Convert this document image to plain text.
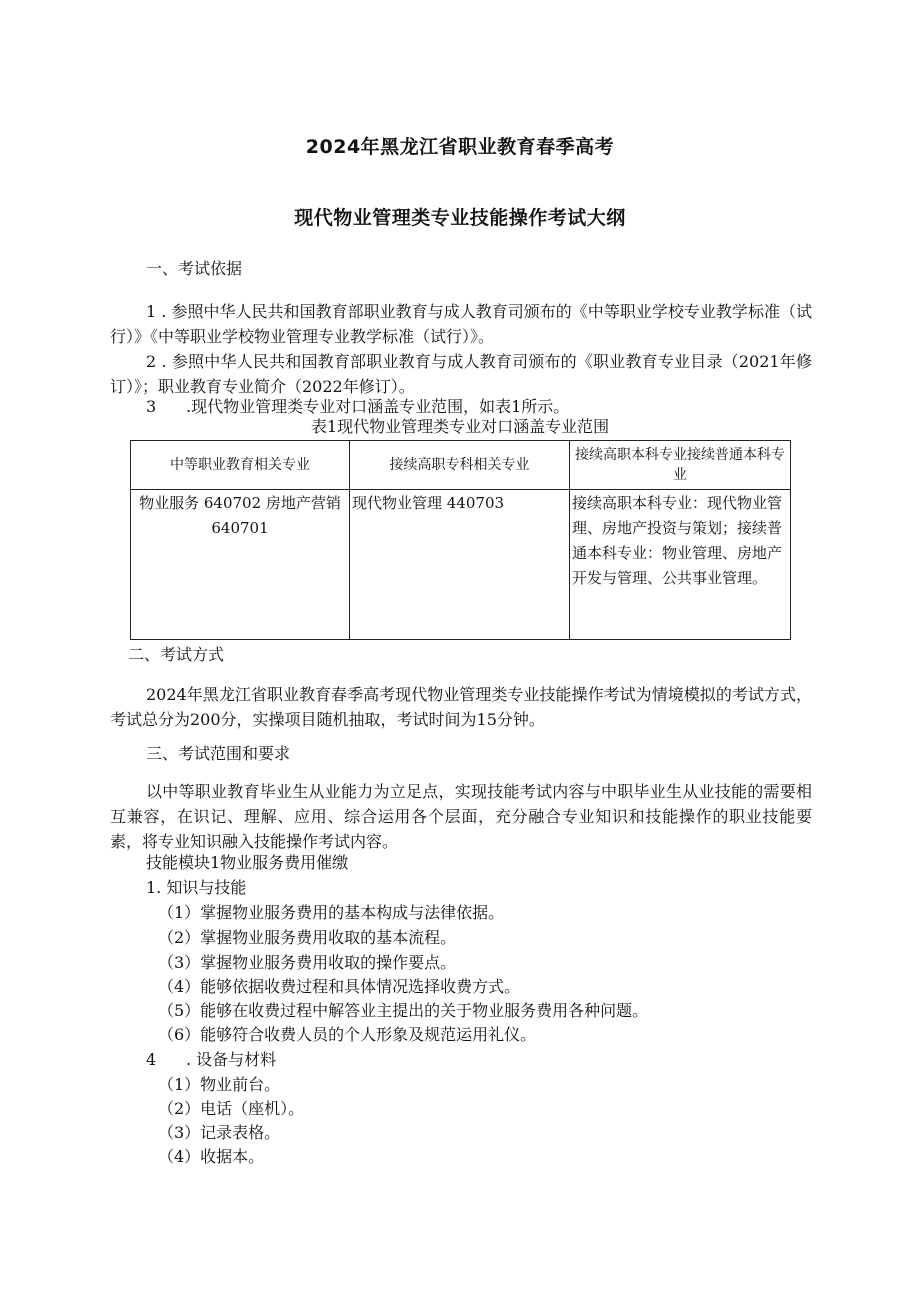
2024年黑龙江省职业教育春季高考
现代物业管理类专业技能操作考试大纲
一、考试依据
1 . 参照中华人民共和国教育部职业教育与成人教育司颁布的《中等职业学校专业教学标准（试行）》《中等职业学校物业管理专业教学标准（试行）》。
2 . 参照中华人民共和国教育部职业教育与成人教育司颁布的《职业教育专业目录（2021年修订）》；职业教育专业简介（2022年修订）。
3 .现代物业管理类专业对口涵盖专业范围，如表1所示。
表1现代物业管理类专业对口涵盖专业范围
中等职业教育相关专业	接续高职专科相关专业	接续高职本科专业接续普通本科专业
物业服务 640702 房地产营销 640701	现代物业管理 440703	接续高职本科专业：现代物业管理、房地产投资与策划；接续普通本科专业：物业管理、房地产开发与管理、公共事业管理。
二、考试方式
2024年黑龙江省职业教育春季高考现代物业管理类专业技能操作考试为情境模拟的考试方式，考试总分为200分，实操项目随机抽取，考试时间为15分钟。
三、考试范围和要求
以中等职业教育毕业生从业能力为立足点，实现技能考试内容与中职毕业生从业技能的需要相互兼容，在识记、理解、应用、综合运用各个层面，充分融合专业知识和技能操作的职业技能要素，将专业知识融入技能操作考试内容。
技能模块1物业服务费用催缴
1. 知识与技能
（1）掌握物业服务费用的基本构成与法律依据。
（2）掌握物业服务费用收取的基本流程。
（3）掌握物业服务费用收取的操作要点。
（4）能够依据收费过程和具体情况选择收费方式。
（5）能够在收费过程中解答业主提出的关于物业服务费用各种问题。
（6）能够符合收费人员的个人形象及规范运用礼仪。
4 . 设备与材料
（1）物业前台。
（2）电话（座机）。
（3）记录表格。
（4）收据本。
